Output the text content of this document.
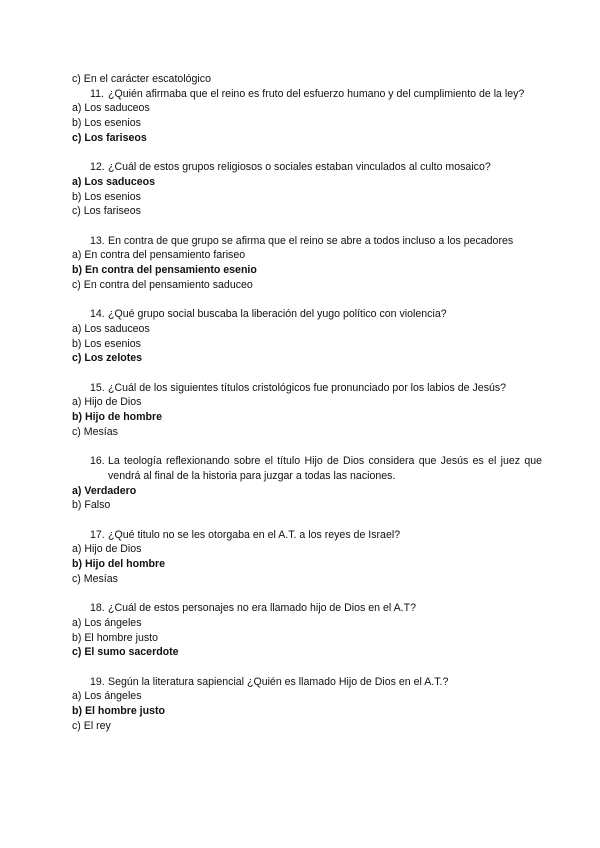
c) En el carácter escatológico
11. ¿Quién afirmaba que el reino es fruto del esfuerzo humano y del cumplimiento de la ley?
a) Los saduceos
b) Los esenios
c) Los fariseos
12. ¿Cuál de estos grupos religiosos o sociales estaban vinculados al culto mosaico?
a) Los saduceos
b) Los esenios
c) Los fariseos
13. En contra de que grupo se afirma que el reino se abre a todos incluso a los pecadores
a) En contra del pensamiento fariseo
b) En contra del pensamiento esenio
c) En contra del pensamiento saduceo
14. ¿Qué grupo social buscaba la liberación del yugo político con violencia?
a) Los saduceos
b) Los esenios
c) Los zelotes
15. ¿Cuál de los siguientes títulos cristológicos fue pronunciado por los labios de Jesús?
a) Hijo de Dios
b) Hijo de hombre
c) Mesías
16. La teología reflexionando sobre el título Hijo de Dios considera que Jesús es el juez que vendrá al final de la historia para juzgar a todas las naciones.
a) Verdadero
b) Falso
17. ¿Qué titulo no se les otorgaba en el A.T. a los reyes de Israel?
a) Hijo de Dios
b) Hijo del hombre
c) Mesías
18. ¿Cuál de estos personajes no era llamado hijo de Dios en el A.T?
a) Los ángeles
b) El hombre justo
c) El sumo sacerdote
19. Según la literatura sapiencial ¿Quién es llamado Hijo de Dios en el A.T.?
a) Los ángeles
b) El hombre justo
c) El rey
